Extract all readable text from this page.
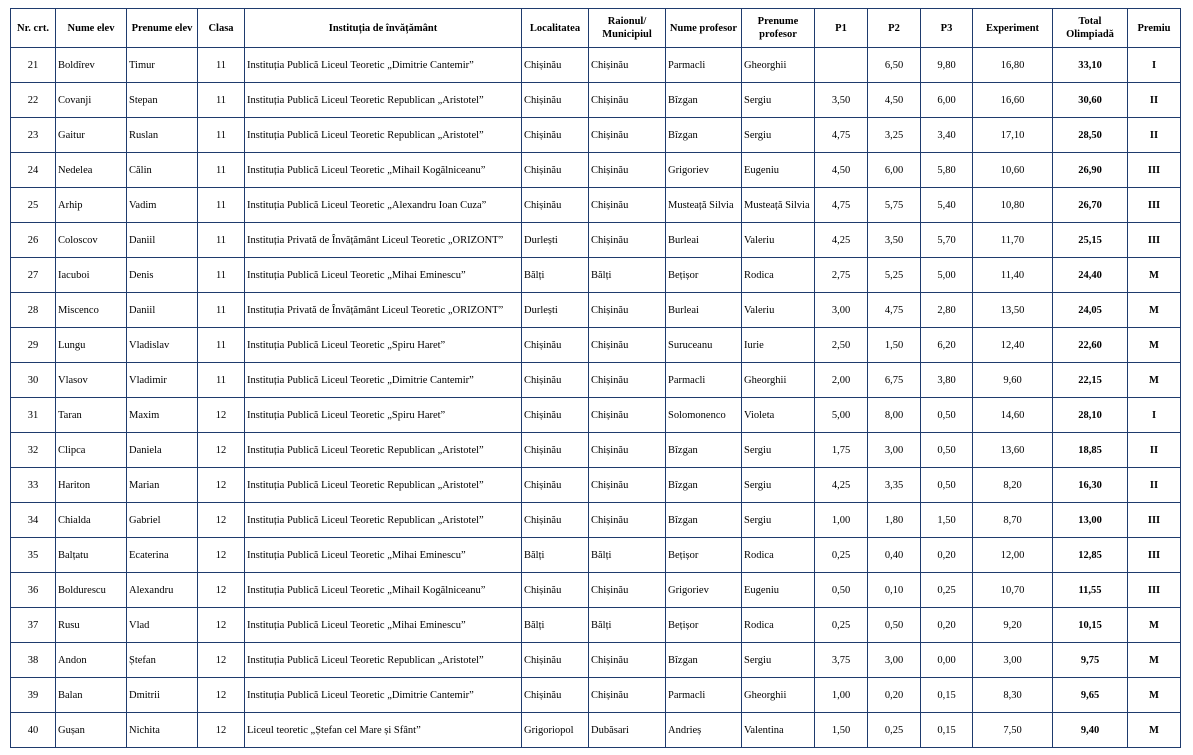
Nr. crt.	Nume elev	Prenume elev	Clasa	Instituția de învățământ	Localitatea	Raionul/ Municipiul	Nume profesor	Prenume profesor	P1	P2	P3	Experiment	Total Olimpiadă	Premiu
21	Boldîrev	Timur	11	Instituția Publică Liceul Teoretic „Dimitrie Cantemir”	Chișinău	Chișinău	Parmacli	Gheorghii		6,50	9,80	16,80	33,10	I
22	Covanji	Stepan	11	Instituția Publică Liceul Teoretic Republican „Aristotel”	Chișinău	Chișinău	Bîzgan	Sergiu	3,50	4,50	6,00	16,60	30,60	II
23	Gaitur	Ruslan	11	Instituția Publică Liceul Teoretic Republican „Aristotel”	Chișinău	Chișinău	Bîzgan	Sergiu	4,75	3,25	3,40	17,10	28,50	II
24	Nedelea	Călin	11	Instituția Publică Liceul Teoretic „Mihail Kogălniceanu”	Chișinău	Chișinău	Grigoriev	Eugeniu	4,50	6,00	5,80	10,60	26,90	III
25	Arhip	Vadim	11	Instituția Publică Liceul Teoretic „Alexandru Ioan Cuza”	Chișinău	Chișinău	Musteață Silvia	Musteață Silvia	4,75	5,75	5,40	10,80	26,70	III
26	Coloscov	Daniil	11	Instituția Privată de Învățământ Liceul Teoretic „ORIZONT”	Durlești	Chișinău	Burleai	Valeriu	4,25	3,50	5,70	11,70	25,15	III
27	Iacuboi	Denis	11	Instituția Publică Liceul Teoretic „Mihai Eminescu”	Bălți	Bălți	Bețișor	Rodica	2,75	5,25	5,00	11,40	24,40	M
28	Miscenco	Daniil	11	Instituția Privată de Învățământ Liceul Teoretic „ORIZONT”	Durlești	Chișinău	Burleai	Valeriu	3,00	4,75	2,80	13,50	24,05	M
29	Lungu	Vladislav	11	Instituția Publică Liceul Teoretic „Spiru Haret”	Chișinău	Chișinău	Suruceanu	Iurie	2,50	1,50	6,20	12,40	22,60	M
30	Vlasov	Vladimir	11	Instituția Publică Liceul Teoretic „Dimitrie Cantemir”	Chișinău	Chișinău	Parmacli	Gheorghii	2,00	6,75	3,80	9,60	22,15	M
31	Taran	Maxim	12	Instituția Publică Liceul Teoretic „Spiru Haret”	Chișinău	Chișinău	Solomonenco	Violeta	5,00	8,00	0,50	14,60	28,10	I
32	Clipca	Daniela	12	Instituția Publică Liceul Teoretic Republican „Aristotel”	Chișinău	Chișinău	Bîzgan	Sergiu	1,75	3,00	0,50	13,60	18,85	II
33	Hariton	Marian	12	Instituția Publică Liceul Teoretic Republican „Aristotel”	Chișinău	Chișinău	Bîzgan	Sergiu	4,25	3,35	0,50	8,20	16,30	II
34	Chialda	Gabriel	12	Instituția Publică Liceul Teoretic Republican „Aristotel”	Chișinău	Chișinău	Bîzgan	Sergiu	1,00	1,80	1,50	8,70	13,00	III
35	Balțatu	Ecaterina	12	Instituția Publică Liceul Teoretic „Mihai Eminescu”	Bălți	Bălți	Bețișor	Rodica	0,25	0,40	0,20	12,00	12,85	III
36	Boldurescu	Alexandru	12	Instituția Publică Liceul Teoretic „Mihail Kogălniceanu”	Chișinău	Chișinău	Grigoriev	Eugeniu	0,50	0,10	0,25	10,70	11,55	III
37	Rusu	Vlad	12	Instituția Publică Liceul Teoretic „Mihai Eminescu”	Bălți	Bălți	Bețișor	Rodica	0,25	0,50	0,20	9,20	10,15	M
38	Andon	Ștefan	12	Instituția Publică Liceul Teoretic Republican „Aristotel”	Chișinău	Chișinău	Bîzgan	Sergiu	3,75	3,00	0,00	3,00	9,75	M
39	Balan	Dmitrii	12	Instituția Publică Liceul Teoretic „Dimitrie Cantemir”	Chișinău	Chișinău	Parmacli	Gheorghii	1,00	0,20	0,15	8,30	9,65	M
40	Gușan	Nichita	12	Liceul teoretic „Ștefan cel Mare și Sfânt”	Grigoriopol	Dubăsari	Andrieș	Valentina	1,50	0,25	0,15	7,50	9,40	M
